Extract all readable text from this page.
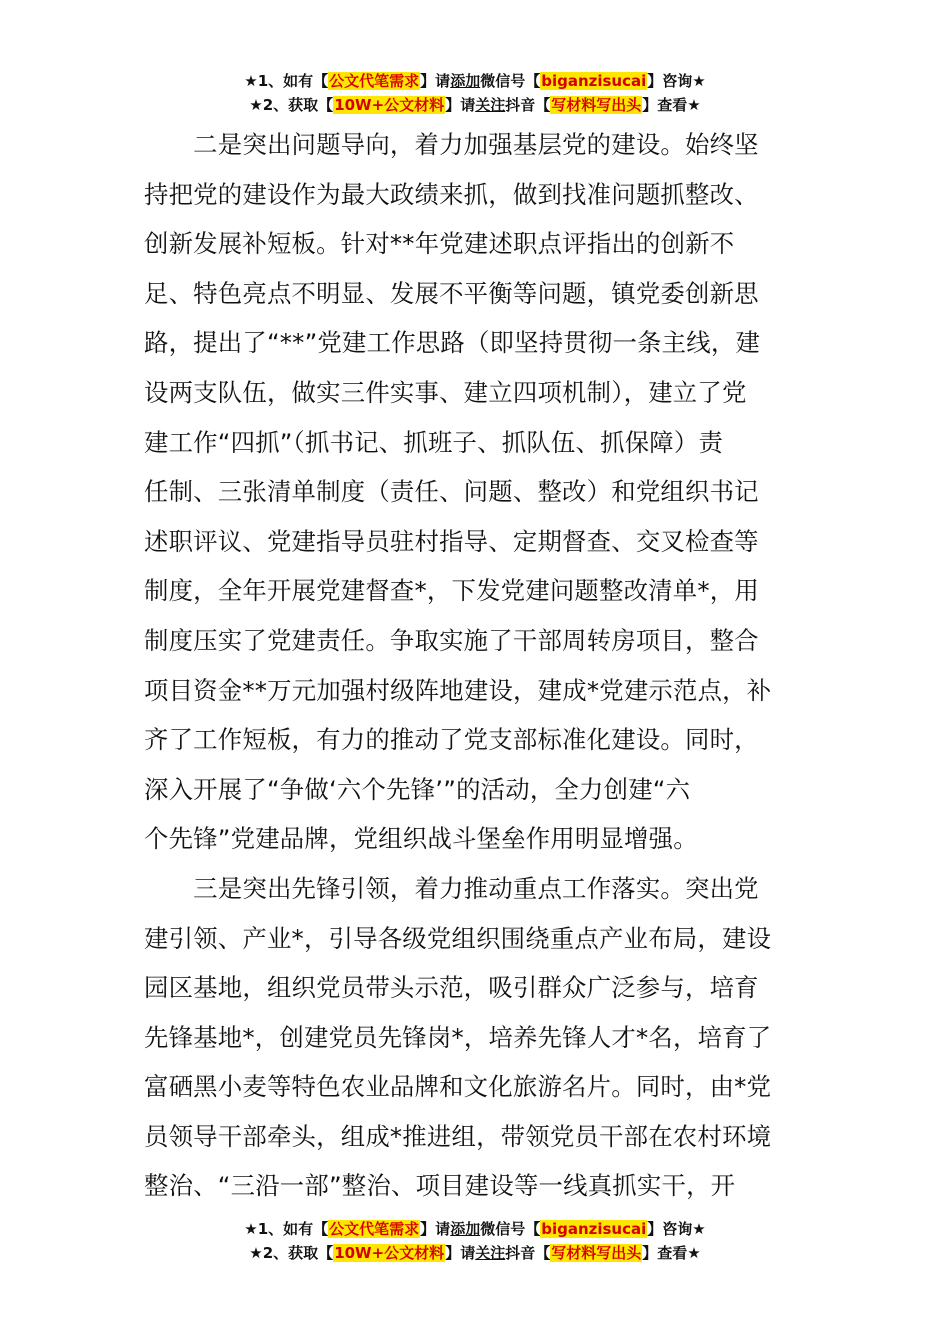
★1、如有【公文代笔需求】请添加微信号【biganzisucai】咨询★
★2、获取【10W+公文材料】请关注抖音【写材料写出头】查看★
　　二是突出问题导向，着力加强基层党的建设。始终坚
持把党的建设作为最大政绩来抓，做到找准问题抓整改、
创新发展补短板。针对**年党建述职点评指出的创新不
足、特色亮点不明显、发展不平衡等问题，镇党委创新思
路，提出了“**”党建工作思路（即坚持贯彻一条主线，建
设两支队伍，做实三件实事、建立四项机制），建立了党
建工作“四抓”（抓书记、抓班子、抓队伍、抓保障）责
任制、三张清单制度（责任、问题、整改）和党组织书记
述职评议、党建指导员驻村指导、定期督查、交叉检查等
制度，全年开展党建督查*，下发党建问题整改清单*，用
制度压实了党建责任。争取实施了干部周转房项目，整合
项目资金**万元加强村级阵地建设，建成*党建示范点，补
齐了工作短板，有力的推动了党支部标准化建设。同时，
深入开展了“争做‘六个先锋’”的活动，全力创建“六
个先锋”党建品牌，党组织战斗堡垒作用明显增强。
　　三是突出先锋引领，着力推动重点工作落实。突出党
建引领、产业*，引导各级党组织围绕重点产业布局，建设
园区基地，组织党员带头示范，吸引群众广泛参与，培育
先锋基地*，创建党员先锋岗*，培养先锋人才*名，培育了
富硒黑小麦等特色农业品牌和文化旅游名片。同时，由*党
员领导干部牵头，组成*推进组，带领党员干部在农村环境
整治、“三沿一部”整治、项目建设等一线真抓实干，开
★1、如有【公文代笔需求】请添加微信号【biganzisucai】咨询★
★2、获取【10W+公文材料】请关注抖音【写材料写出头】查看★
